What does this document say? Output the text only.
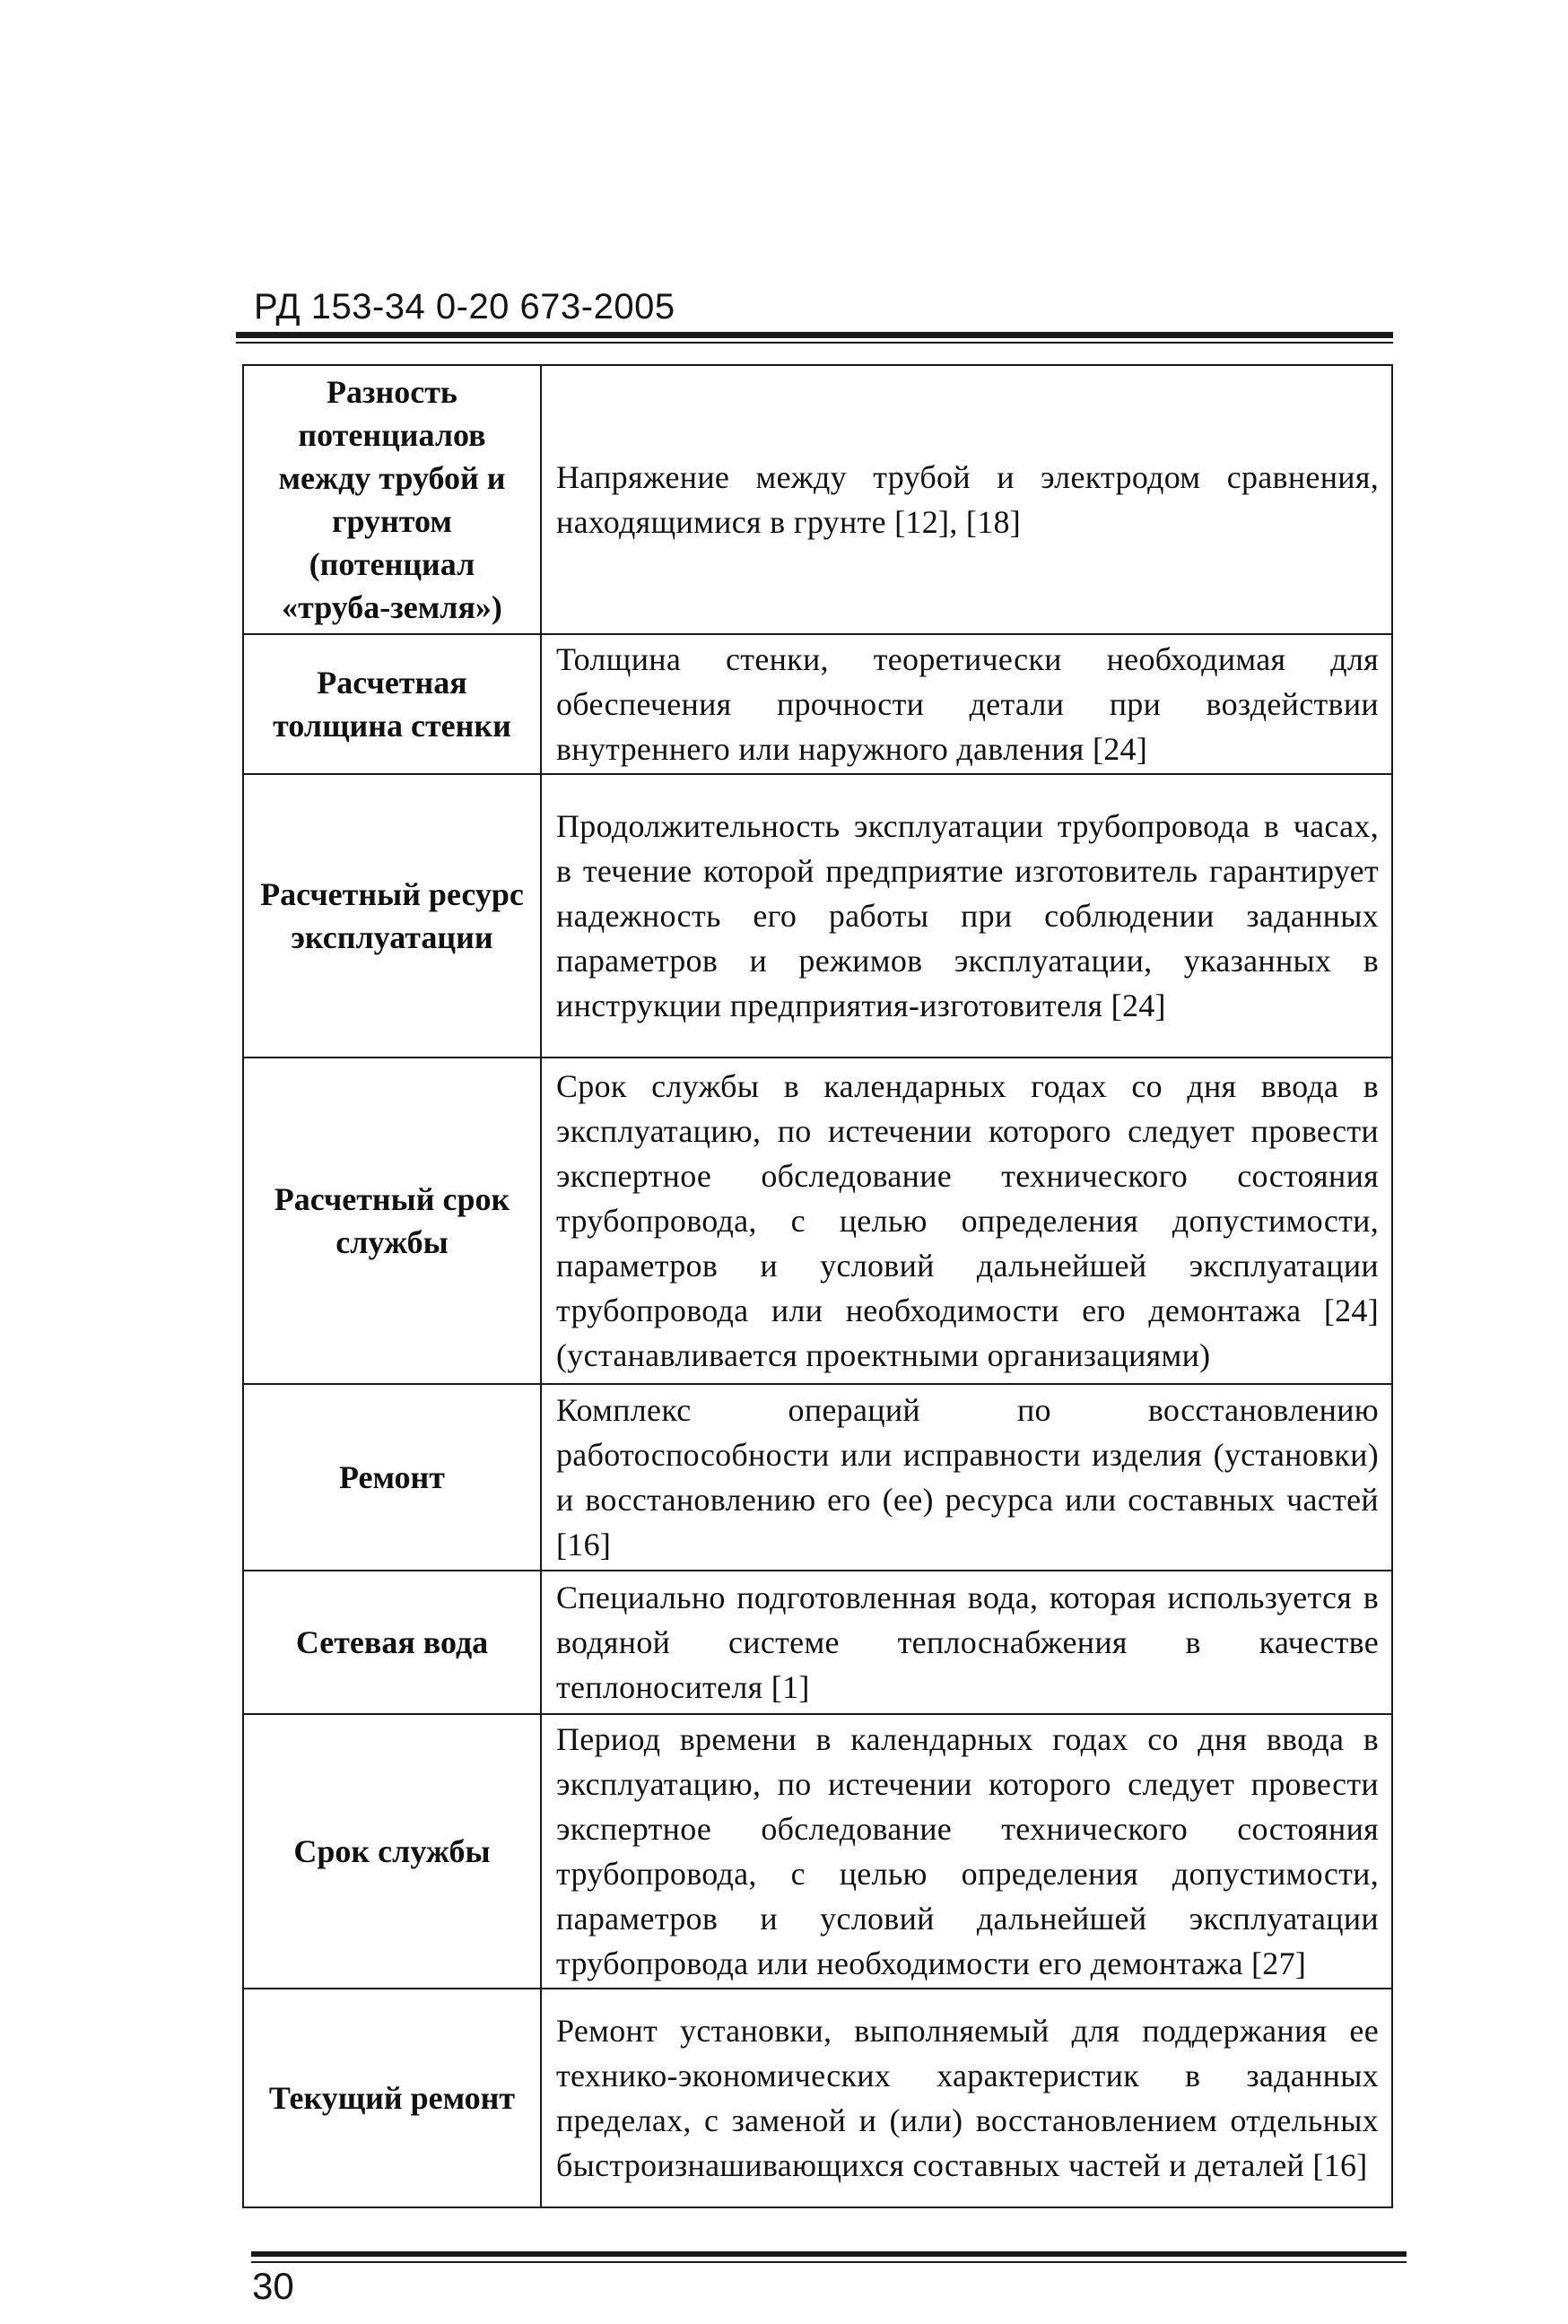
РД 153-34 0-20 673-2005
Разность потенциалов между трубой и грунтом (потенциал «труба-земля»)	Напряжение между трубой и электродом сравнения, находящимися в грунте [12], [18]
Расчетная толщина стенки	Толщина стенки, теоретически необходимая для обеспечения прочности детали при воздействии внутреннего или наружного давления [24]
Расчетный ресурс эксплуатации	Продолжительность эксплуатации трубопровода в часах, в течение которой предприятие изготовитель гарантирует надежность его работы при соблюдении заданных параметров и режимов эксплуатации, указанных в инструкции предприятия-изготовителя [24]
Расчетный срок службы	Срок службы в календарных годах со дня ввода в эксплуатацию, по истечении которого следует провести экспертное обследование технического состояния трубопровода, с целью определения допустимости, параметров и условий дальнейшей эксплуатации трубопровода или необходимости его демонтажа [24] (устанавливается проектными организациями)
Ремонт	Комплекс операций по восстановлению работоспособности или исправности изделия (установки) и восстановлению его (ее) ресурса или составных частей [16]
Сетевая вода	Специально подготовленная вода, которая используется в водяной системе теплоснабжения в качестве теплоносителя [1]
Срок службы	Период времени в календарных годах со дня ввода в эксплуатацию, по истечении которого следует провести экспертное обследование технического состояния трубопровода, с целью определения допустимости, параметров и условий дальнейшей эксплуатации трубопровода или необходимости его демонтажа [27]
Текущий ремонт	Ремонт установки, выполняемый для поддержания ее технико-экономических характеристик в заданных пределах, с заменой и (или) восстановлением отдельных быстроизнашивающихся составных частей и деталей [16]
30
